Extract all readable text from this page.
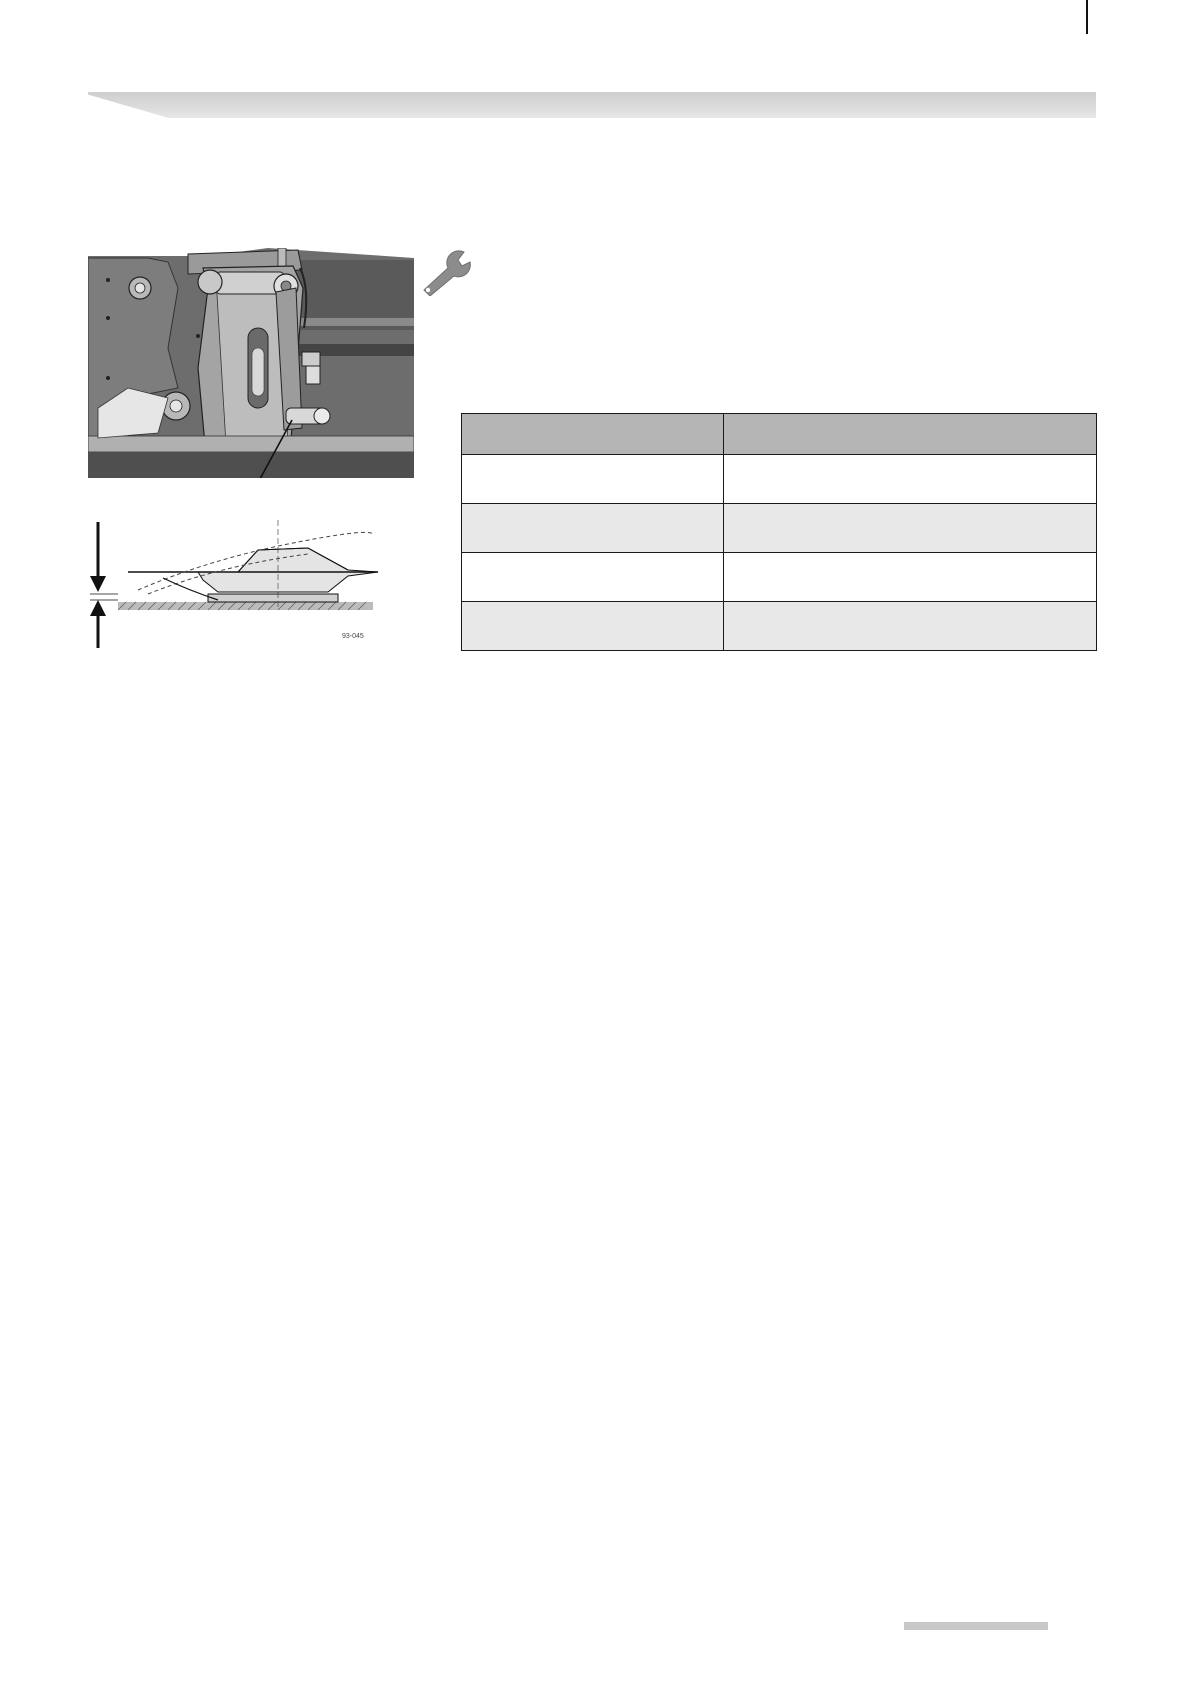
93-045
